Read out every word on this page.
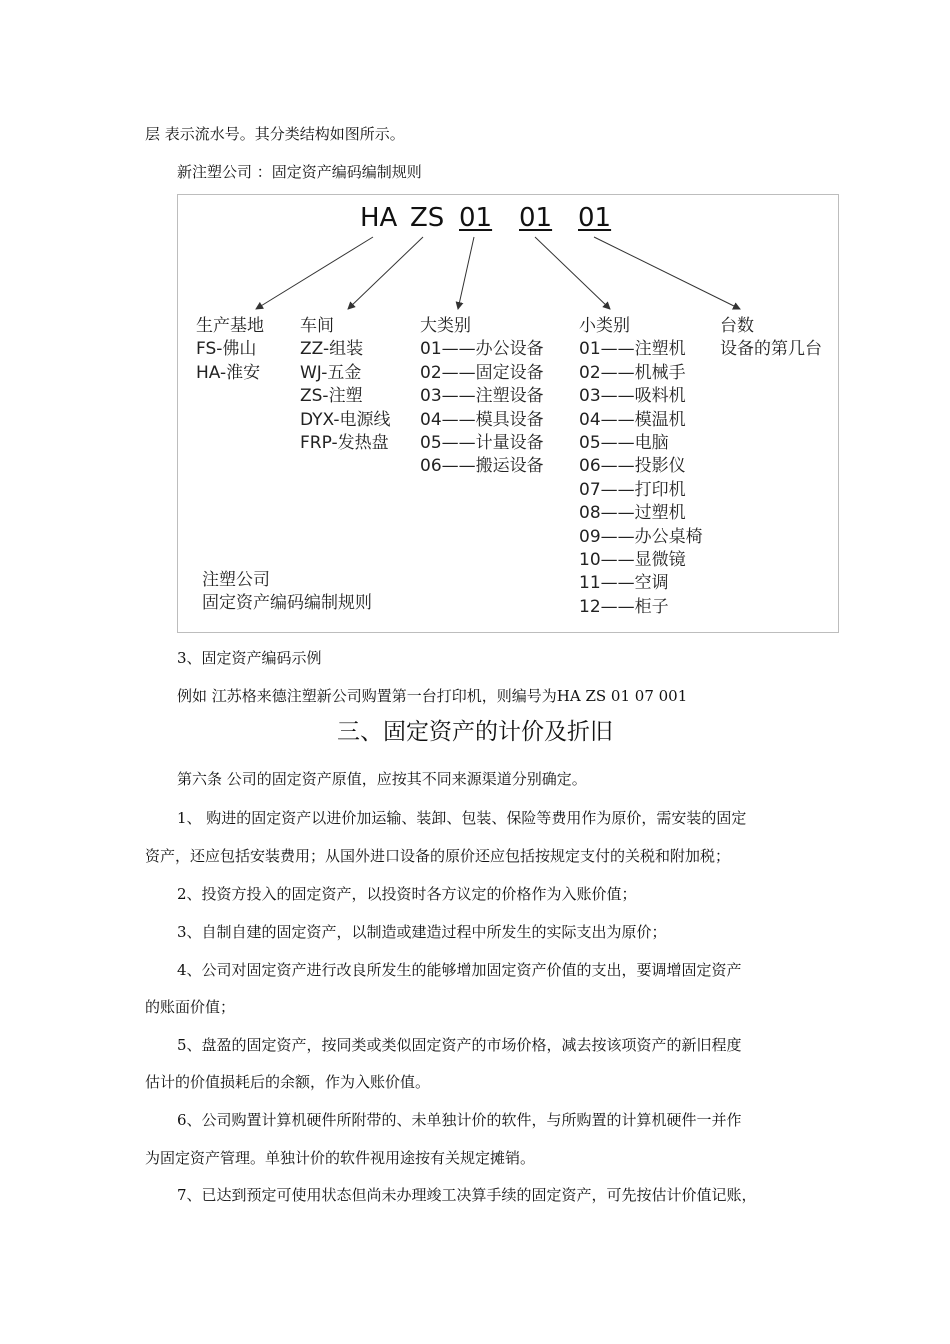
层 表示流水号。其分类结构如图所示。
新注塑公司 ：固定资产编码编制规则
HA ZS 01 01 01
生产基地
FS-佛山
HA-淮安
车间
ZZ-组装
WJ-五金
ZS-注塑
DYX-电源线
FRP-发热盘
大类别
01——办公设备
02——固定设备
03——注塑设备
04——模具设备
05——计量设备
06——搬运设备
小类别
01——注塑机
02——机械手
03——吸料机
04——模温机
05——电脑
06——投影仪
07——打印机
08——过塑机
09——办公桌椅
10——显微镜
11——空调
12——柜子
台数
设备的第几台
注塑公司
固定资产编码编制规则
3、固定资产编码示例
例如 江苏格来德注塑新公司购置第一台打印机，则编号为HA ZS 01 07 001
三、固定资产的计价及折旧
第六条 公司的固定资产原值，应按其不同来源渠道分别确定。
1、 购进的固定资产以进价加运输、装卸、包装、保险等费用作为原价，需安装的固定
资产，还应包括安装费用；从国外进口设备的原价还应包括按规定支付的关税和附加税；
2、投资方投入的固定资产，以投资时各方议定的价格作为入账价值；
3、自制自建的固定资产，以制造或建造过程中所发生的实际支出为原价；
4、公司对固定资产进行改良所发生的能够增加固定资产价值的支出，要调增固定资产
的账面价值；
5、盘盈的固定资产，按同类或类似固定资产的市场价格，减去按该项资产的新旧程度
估计的价值损耗后的余额，作为入账价值。
6、公司购置计算机硬件所附带的、未单独计价的软件，与所购置的计算机硬件一并作
为固定资产管理。单独计价的软件视用途按有关规定摊销。
7、已达到预定可使用状态但尚未办理竣工决算手续的固定资产，可先按估计价值记账，
